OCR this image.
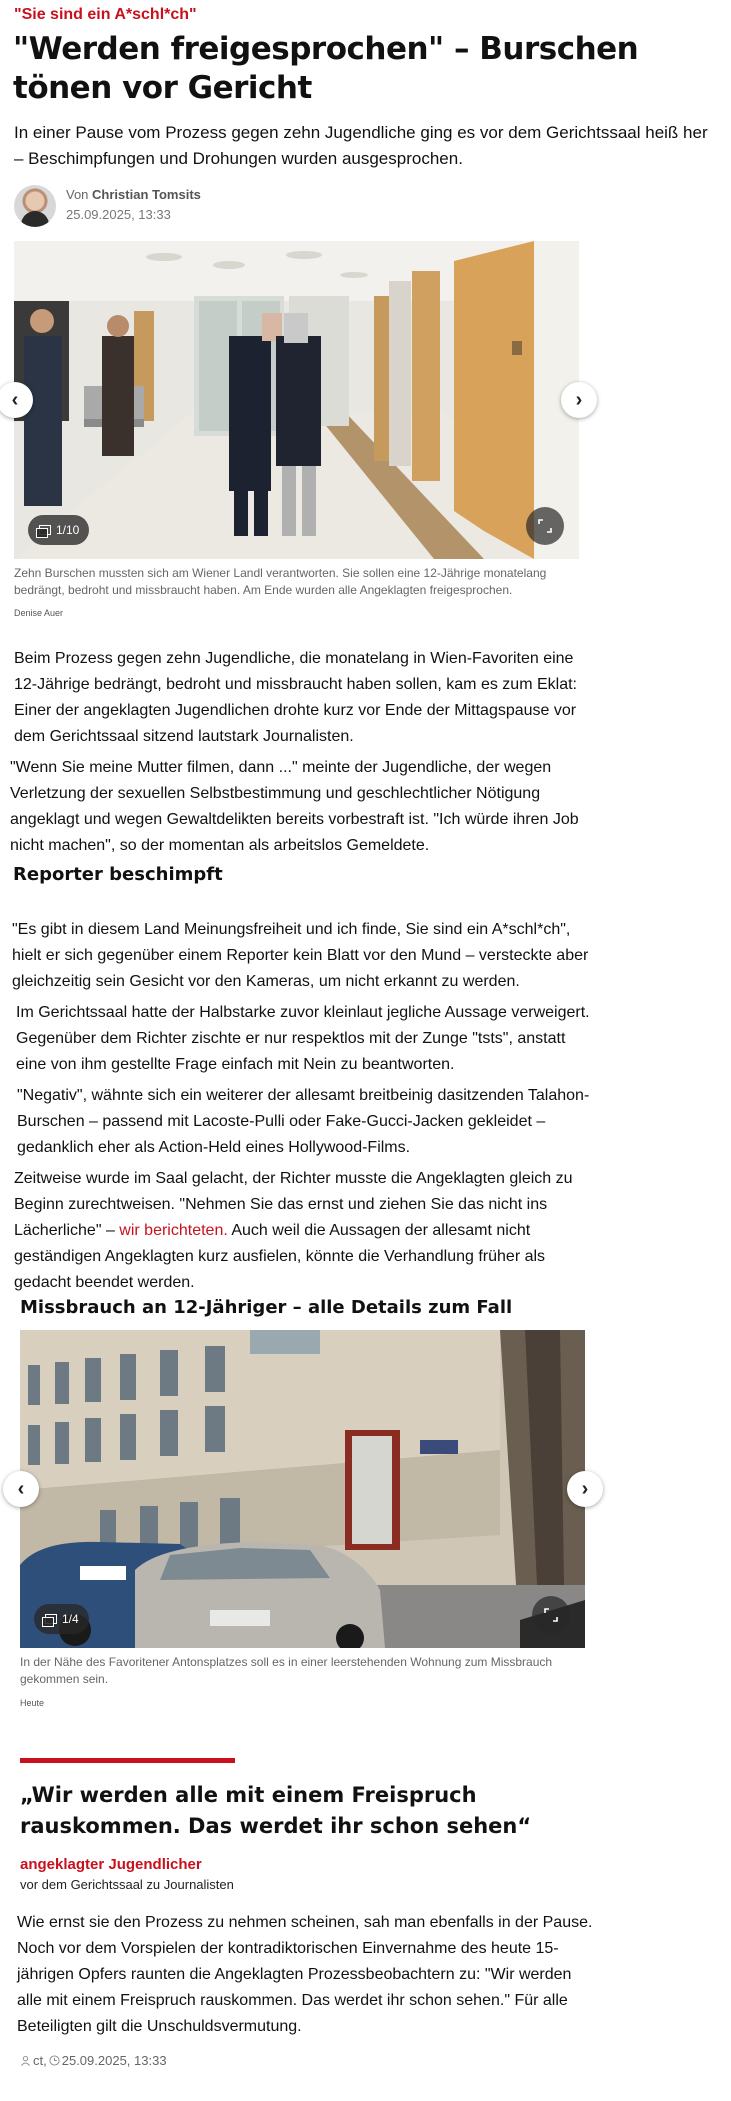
"Sie sind ein A*schl*ch"
"Werden freigesprochen" – Burschen tönen vor Gericht

In einer Pause vom Prozess gegen zehn Jugendliche ging es vor dem Gerichtssaal heiß her – Beschimpfungen und Drohungen wurden ausgesprochen.

Von Christian Tomsits
25.09.2025, 13:33
‹	›
1/10
Zehn Burschen mussten sich am Wiener Landl verantworten. Sie sollen eine 12-Jährige monatelang bedrängt, bedroht und missbraucht haben. Am Ende wurden alle Angeklagten freigesprochen.
Denise Auer

Beim Prozess gegen zehn Jugendliche, die monatelang in Wien-Favoriten eine 12-Jährige bedrängt, bedroht und missbraucht haben sollen, kam es zum Eklat: Einer der angeklagten Jugendlichen drohte kurz vor Ende der Mittagspause vor dem Gerichtssaal sitzend lautstark Journalisten.

"Wenn Sie meine Mutter filmen, dann ..." meinte der Jugendliche, der wegen Verletzung der sexuellen Selbstbestimmung und geschlechtlicher Nötigung angeklagt und wegen Gewaltdelikten bereits vorbestraft ist. "Ich würde ihren Job nicht machen", so der momentan als arbeitslos Gemeldete.

Reporter beschimpft

"Es gibt in diesem Land Meinungsfreiheit und ich finde, Sie sind ein A*schl*ch", hielt er sich gegenüber einem Reporter kein Blatt vor den Mund – versteckte aber gleichzeitig sein Gesicht vor den Kameras, um nicht erkannt zu werden.

Im Gerichtssaal hatte der Halbstarke zuvor kleinlaut jegliche Aussage verweigert. Gegenüber dem Richter zischte er nur respektlos mit der Zunge "tsts", anstatt eine von ihm gestellte Frage einfach mit Nein zu beantworten.

"Negativ", wähnte sich ein weiterer der allesamt breitbeinig dasitzenden Talahon-Burschen – passend mit Lacoste-Pulli oder Fake-Gucci-Jacken gekleidet – gedanklich eher als Action-Held eines Hollywood-Films.

Zeitweise wurde im Saal gelacht, der Richter musste die Angeklagten gleich zu Beginn zurechtweisen. "Nehmen Sie das ernst und ziehen Sie das nicht ins Lächerliche" – wir berichteten. Auch weil die Aussagen der allesamt nicht geständigen Angeklagten kurz ausfielen, könnte die Verhandlung früher als gedacht beendet werden.

Missbrauch an 12-Jähriger – alle Details zum Fall
‹	›
1/4
In der Nähe des Favoritener Antonsplatzes soll es in einer leerstehenden Wohnung zum Missbrauch gekommen sein.
Heute

„Wir werden alle mit einem Freispruch rauskommen. Das werdet ihr schon sehen“

angeklagter Jugendlicher
vor dem Gerichtssaal zu Journalisten

Wie ernst sie den Prozess zu nehmen scheinen, sah man ebenfalls in der Pause. Noch vor dem Vorspielen der kontradiktorischen Einvernahme des heute 15-jährigen Opfers raunten die Angeklagten Prozessbeobachtern zu: "Wir werden alle mit einem Freispruch rauskommen. Das werdet ihr schon sehen." Für alle Beteiligten gilt die Unschuldsvermutung.

ct, 25.09.2025, 13:33
